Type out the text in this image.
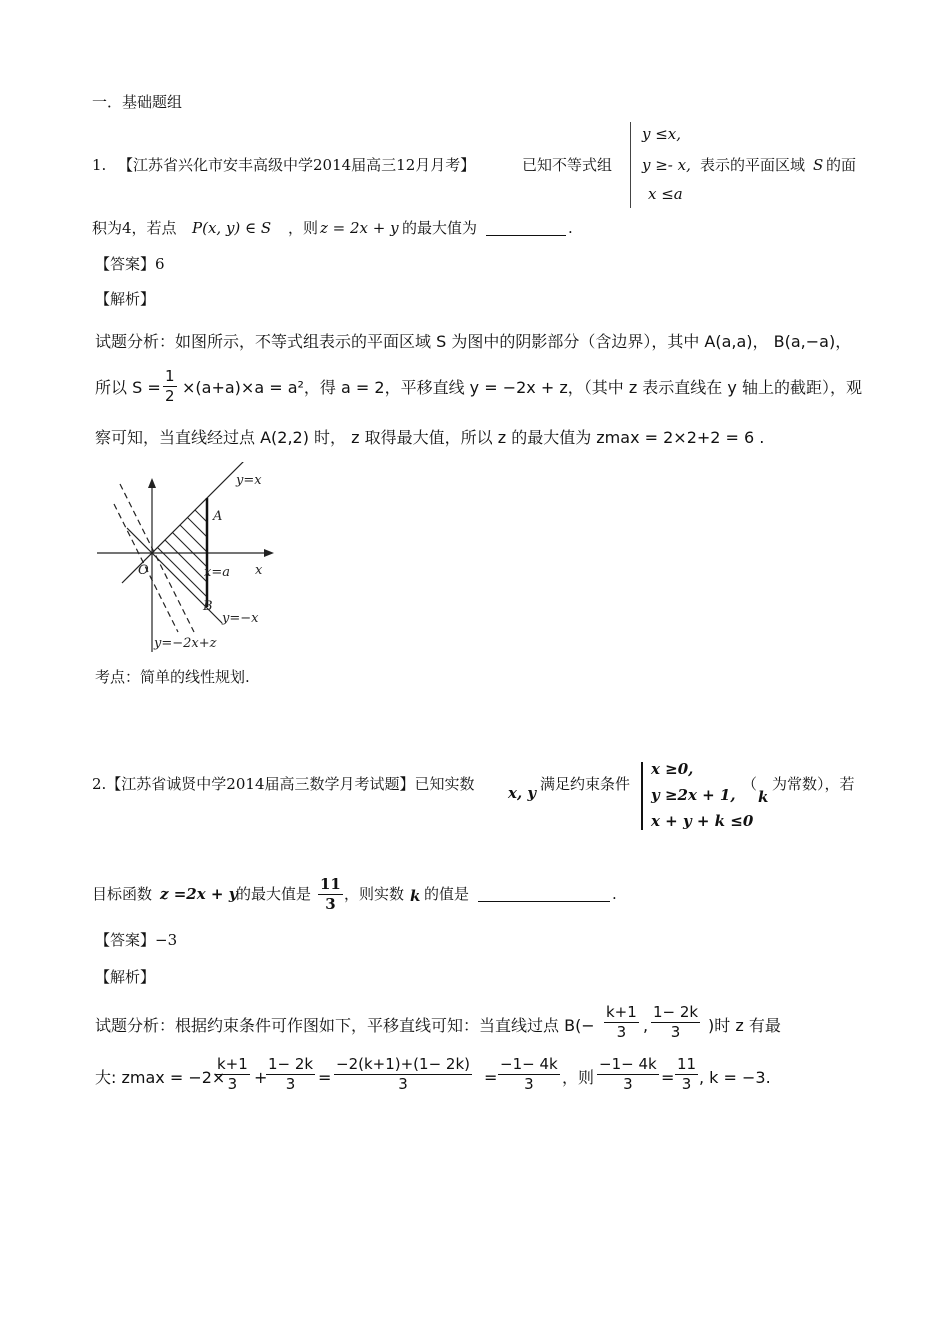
一．基础题组
1. 【江苏省兴化市安丰高级中学2014届高三12月月考】	已知不等式组
y ≤x,
y ≥- x,
x ≤a
表示的平面区域 S 的面
积为4，若点 P(x, y) ∈ S ，则 z = 2x + y 的最大值为	.
【答案】6
【解析】
试题分析：如图所示，不等式组表示的平面区域 S 为图中的阴影部分（含边界），其中 A(a,a)， B(a,−a)，
所以 $S = \frac{1}{2} \times(a+a)\times a = a^2$，得 a = 2，平移直线 y = −2x + z，（其中 z 表示直线在 y 轴上的截距），观
察可知，当直线经过点 A(2,2) 时， z 取得最大值，所以 z 的最大值为 zmax = 2×2+2 = 6 .
y=x
A
O	x
x=a
B
y=−x
y=−2x+z
考点：简单的线性规划.
2.【江苏省诚贤中学2014届高三数学月考试题】已知实数 x, y 满足约束条件
x ≥0,
y ≥2x + 1,
x + y + k ≤0
（
k
为常数），若
目标函数 z =2x + y
的最大值是 $\frac{11}{3}$ ，则实数 k 的值是	.
【答案】−3
【解析】
试题分析：根据约束条件可作图如下，平移直线可知：当直线过点 $B(- \frac{k+1}{3}$ , $\frac{1- 2k}{3}$ )时 z 有最
大: zmax = −2×
$\frac{k+1}{3}$ +
$\frac{1- 2k}{3} = \frac{-2(k+1)+(1- 2k)}{3} = \frac{-1- 4k}{3}$ ，则 $\frac{-1- 4k}{3} = \frac{11}{3}$ , k = −3.
